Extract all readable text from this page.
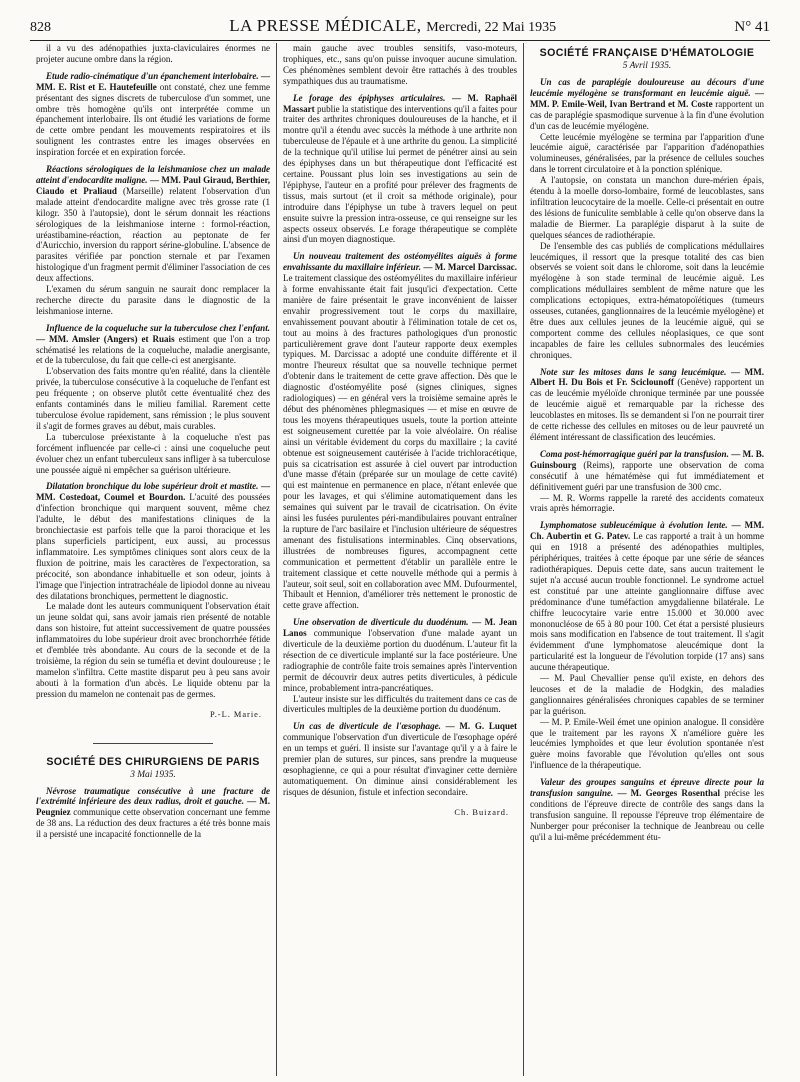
828	LA PRESSE MÉDICALE, Mercredi, 22 Mai 1935	N° 41

il a vu des adénopathies juxta-claviculaires énormes ne projeter aucune ombre dans la région.

Etude radio-cinématique d'un épanchement interlobaire. — MM. E. Rist et E. Hautefeuille ont constaté, chez une femme présentant des signes discrets de tuberculose d'un sommet, une ombre très homogène qu'ils ont interprétée comme un épanchement interlobaire. Ils ont étudié les variations de forme de cette ombre pendant les mouvements respiratoires et ils soulignent les contrastes entre les images observées en inspiration forcée et en expiration forcée.

Réactions sérologiques de la leishmaniose chez un malade atteint d'endocardite maligne. — MM. Paul Giraud, Berthier, Ciaudo et Praliaud (Marseille) relatent l'observation d'un malade atteint d'endocardite maligne avec très grosse rate (1 kilogr. 350 à l'autopsie), dont le sérum donnait les réactions sérologiques de la leishmaniose interne : formol-réaction, uréastibamine-réaction, réaction au peptonate de fer d'Auricchio, inversion du rapport sérine-globuline. L'absence de parasites vérifiée par ponction sternale et par l'examen histologique d'un fragment permit d'éliminer l'association de ces deux affections.

L'examen du sérum sanguin ne saurait donc remplacer la recherche directe du parasite dans le diagnostic de la leishmaniose interne.

Influence de la coqueluche sur la tuberculose chez l'enfant. — MM. Amsler (Angers) et Ruais estiment que l'on a trop schématisé les relations de la coqueluche, maladie anergisante, et de la tuberculose, du fait que celle-ci est anergisante.

L'observation des faits montre qu'en réalité, dans la clientèle privée, la tuberculose consécutive à la coqueluche de l'enfant est peu fréquente ; on observe plutôt cette éventualité chez des enfants contaminés dans le milieu familial. Rarement cette tuberculose évolue rapidement, sans rémission ; le plus souvent il s'agit de formes graves au début, mais curables.

La tuberculose préexistante à la coqueluche n'est pas forcément influencée par celle-ci : ainsi une coqueluche peut évoluer chez un enfant tuberculeux sans infliger à sa tuberculose une poussée aiguë ni empêcher sa guérison ultérieure.

Dilatation bronchique du lobe supérieur droit et mastite. — MM. Costedoat, Coumel et Bourdon. L'acuité des poussées d'infection bronchique qui marquent souvent, même chez l'adulte, le début des manifestations cliniques de la bronchiectasie est parfois telle que la paroi thoracique et les plans superficiels participent, eux aussi, au processus inflammatoire. Les symptômes cliniques sont alors ceux de la fluxion de poitrine, mais les caractères de l'expectoration, sa précocité, son abondance inhabituelle et son odeur, joints à l'image que l'injection intratrachéale de lipiodol donne au niveau des dilatations bronchiques, permettent le diagnostic.

Le malade dont les auteurs communiquent l'observation était un jeune soldat qui, sans avoir jamais rien présenté de notable dans son histoire, fut atteint successivement de quatre poussées inflammatoires du lobe supérieur droit avec bronchorrhée fétide et d'emblée très abondante. Au cours de la seconde et de la troisième, la région du sein se tuméfia et devint douloureuse ; le mamelon s'infiltra. Cette mastite disparut peu à peu sans avoir abouti à la formation d'un abcès. Le liquide obtenu par la pression du mamelon ne contenait pas de germes.

P.-L. Marie.
SOCIÉTÉ DES CHIRURGIENS DE PARIS
3 Mai 1935.

Névrose traumatique consécutive à une fracture de l'extrémité inférieure des deux radius, droit et gauche. — M. Peugniez communique cette observation concernant une femme de 38 ans. La réduction des deux fractures a été très bonne mais il a persisté une incapacité fonctionnelle de la

main gauche avec troubles sensitifs, vaso-moteurs, trophiques, etc., sans qu'on puisse invoquer aucune simulation. Ces phénomènes semblent devoir être rattachés à des troubles sympathiques dus au traumatisme.

Le forage des épiphyses articulaires. — M. Raphaël Massart publie la statistique des interventions qu'il a faites pour traiter des arthrites chroniques douloureuses de la hanche, et il montre qu'il a étendu avec succès la méthode à une arthrite non tuberculeuse de l'épaule et à une arthrite du genou. La simplicité de la technique qu'il utilise lui permet de pénétrer ainsi au sein des épiphyses dans un but thérapeutique dont l'efficacité est certaine. Poussant plus loin ses investigations au sein de l'épiphyse, l'auteur en a profité pour prélever des fragments de tissus, mais surtout (et il croit sa méthode originale), pour introduire dans l'épiphyse un tube à travers lequel on peut ensuite suivre la pression intra-osseuse, ce qui renseigne sur les aspects osseux observés. Le forage thérapeutique se complète ainsi d'un moyen diagnostique.

Un nouveau traitement des ostéomyélites aiguës à forme envahissante du maxillaire inférieur. — M. Marcel Darcissac. Le traitement classique des ostéomyélites du maxillaire inférieur à forme envahissante était fait jusqu'ici d'expectation. Cette manière de faire présentait le grave inconvénient de laisser envahir progressivement tout le corps du maxillaire, envahissement pouvant aboutir à l'élimination totale de cet os, tout au moins à des fractures pathologiques d'un pronostic particulièrement grave dont l'auteur rapporte deux exemples typiques. M. Darcissac a adopté une conduite différente et il montre l'heureux résultat que sa nouvelle technique permet d'obtenir dans le traitement de cette grave affection. Dès que le diagnostic d'ostéomyélite posé (signes cliniques, signes radiologiques) — en général vers la troisième semaine après le début des phénomènes phlegmasiques — et mise en œuvre de tous les moyens thérapeutiques usuels, toute la portion atteinte est soigneusement curettée par la voie alvéolaire. On réalise ainsi un véritable évidement du corps du maxillaire ; la cavité obtenue est soigneusement cautérisée à l'acide trichloracétique, puis sa cicatrisation est assurée à ciel ouvert par introduction d'une masse d'étain (préparée sur un moulage de cette cavité) qui est maintenue en permanence en place, n'étant enlevée que pour les lavages, et qui s'élimine automatiquement dans les semaines qui suivent par le travail de cicatrisation. On évite ainsi les fusées purulentes péri-mandibulaires pouvant entraîner la rupture de l'arc basilaire et l'inclusion ultérieure de séquestres amenant des fistulisations interminables. Cinq observations, illustrées de nombreuses figures, accompagnent cette communication et permettent d'établir un parallèle entre le traitement classique et cette nouvelle méthode qui a permis à l'auteur, soit seul, soit en collaboration avec MM. Dufourmentel, Thibault et Hennion, d'améliorer très nettement le pronostic de cette grave affection.

Une observation de diverticule du duodénum. — M. Jean Lanos communique l'observation d'une malade ayant un diverticule de la deuxième portion du duodénum. L'auteur fit la résection de ce diverticule implanté sur la face postérieure. Une radiographie de contrôle faite trois semaines après l'intervention permit de découvrir deux autres petits diverticules, à pédicule mince, probablement intra-pancréatiques.

L'auteur insiste sur les difficultés du traitement dans ce cas de diverticules multiples de la deuxième portion du duodénum.

Un cas de diverticule de l'œsophage. — M. G. Luquet communique l'observation d'un diverticule de l'œsophage opéré en un temps et guéri. Il insiste sur l'avantage qu'il y a à faire le premier plan de sutures, sur pinces, sans prendre la muqueuse œsophagienne, ce qui a pour résultat d'invaginer cette dernière automatiquement. On diminue ainsi considérablement les risques de désunion, fistule et infection secondaire.

Ch. Buizard.
SOCIÉTÉ FRANÇAISE D'HÉMATOLOGIE
5 Avril 1935.

Un cas de paraplégie douloureuse au décours d'une leucémie myélogène se transformant en leucémie aiguë. — MM. P. Emile-Weil, Ivan Bertrand et M. Coste rapportent un cas de paraplégie spasmodique survenue à la fin d'une évolution d'un cas de leucémie myélogène.

Cette leucémie myélogène se termina par l'apparition d'une leucémie aiguë, caractérisée par l'apparition d'adénopathies volumineuses, généralisées, par la présence de cellules souches dans le torrent circulatoire et à la ponction splénique.

A l'autopsie, on constata un manchon dure-mérien épais, étendu à la moelle dorso-lombaire, formé de leucoblastes, sans infiltration leucocytaire de la moelle. Celle-ci présentait en outre des lésions de funiculite semblable à celle qu'on observe dans la maladie de Biermer. La paraplégie disparut à la suite de quelques séances de radiothérapie.

De l'ensemble des cas publiés de complications médullaires leucémiques, il ressort que la presque totalité des cas bien observés se voient soit dans le chlorome, soit dans la leucémie myélogène à son stade terminal de leucémie aiguë. Les complications médullaires semblent de même nature que les complications ectopiques, extra-hématopoïétiques (tumeurs osseuses, cutanées, ganglionnaires de la leucémie myélogène) et être dues aux cellules jeunes de la leucémie aiguë, qui se comportent comme des cellules néoplasiques, ce que sont incapables de faire les cellules subnormales des leucémies chroniques.

Note sur les mitoses dans le sang leucémique. — MM. Albert H. Du Bois et Fr. Sciclounoff (Genève) rapportent un cas de leucémie myéloïde chronique terminée par une poussée de leucémie aiguë et remarquable par la richesse des leucoblastes en mitoses. Ils se demandent si l'on ne pourrait tirer de cette richesse des cellules en mitoses ou de leur pauvreté un élément intéressant de classification des leucémies.

Coma post-hémorragique guéri par la transfusion. — M. B. Guinsbourg (Reims), rapporte une observation de coma consécutif à une hématémèse qui fut immédiatement et définitivement guéri par une transfusion de 300 cmc.

— M. R. Worms rappelle la rareté des accidents comateux vrais après hémorragie.

Lymphomatose subleucémique à évolution lente. — MM. Ch. Aubertin et G. Patev. Le cas rapporté a trait à un homme qui en 1918 a présenté des adénopathies multiples, périphériques, traitées à cette époque par une série de séances radiothérapiques. Depuis cette date, sans aucun traitement le sujet n'a accusé aucun trouble fonctionnel. Le syndrome actuel est constitué par une atteinte ganglionnaire diffuse avec prédominance d'une tuméfaction amygdalienne bilatérale. Le chiffre leucocytaire varie entre 15.000 et 30.000 avec mononucléose de 65 à 80 pour 100. Cet état a persisté plusieurs mois sans modification en l'absence de tout traitement. Il s'agit évidemment d'une lymphomatose aleucémique dont la particularité est la longueur de l'évolution torpide (17 ans) sans aucune thérapeutique.

— M. Paul Chevallier pense qu'il existe, en dehors des leucoses et de la maladie de Hodgkin, des maladies ganglionnaires généralisées chroniques capables de se terminer par la guérison.

— M. P. Emile-Weil émet une opinion analogue. Il considère que le traitement par les rayons X n'améliore guère les leucémies lymphoïdes et que leur évolution spontanée n'est guère moins favorable que l'évolution qu'elles ont sous l'influence de la thérapeutique.

Valeur des groupes sanguins et épreuve directe pour la transfusion sanguine. — M. Georges Rosenthal précise les conditions de l'épreuve directe de contrôle des sangs dans la transfusion sanguine. Il repousse l'épreuve trop élémentaire de Nunberger pour préconiser la technique de Jeanbreau ou celle qu'il a lui-même précédemment étu-
